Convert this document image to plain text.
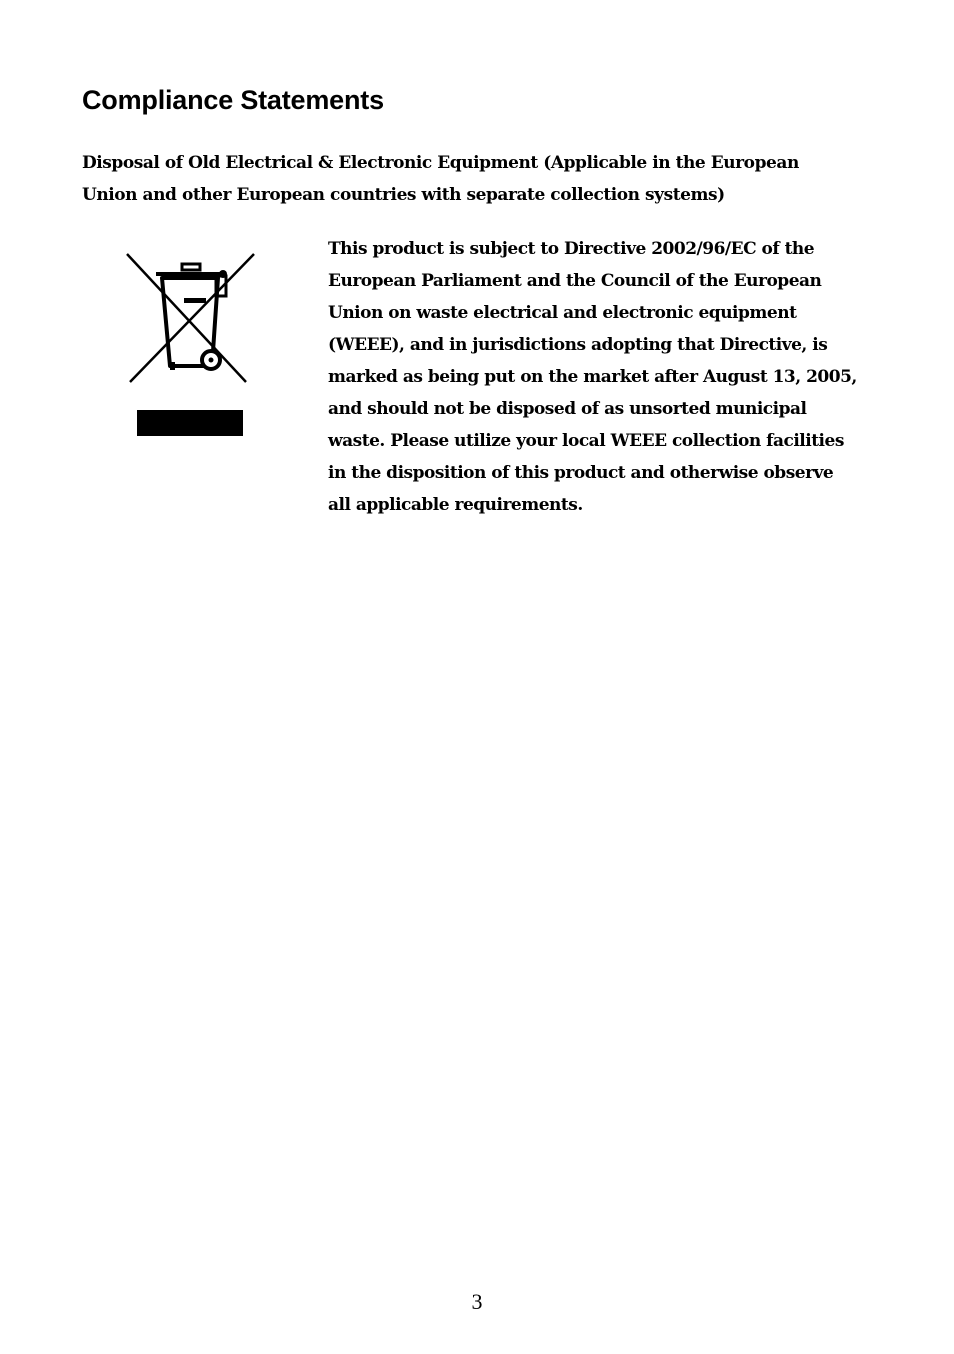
Compliance Statements
Disposal of Old Electrical & Electronic Equipment (Applicable in the European
Union and other European countries with separate collection systems)

This product is subject to Directive 2002/96/EC of the
European Parliament and the Council of the European
Union on waste electrical and electronic equipment
(WEEE), and in jurisdictions adopting that Directive, is
marked as being put on the market after August 13, 2005,
and should not be disposed of as unsorted municipal
waste. Please utilize your local WEEE collection facilities
in the disposition of this product and otherwise observe
all applicable requirements.

3
